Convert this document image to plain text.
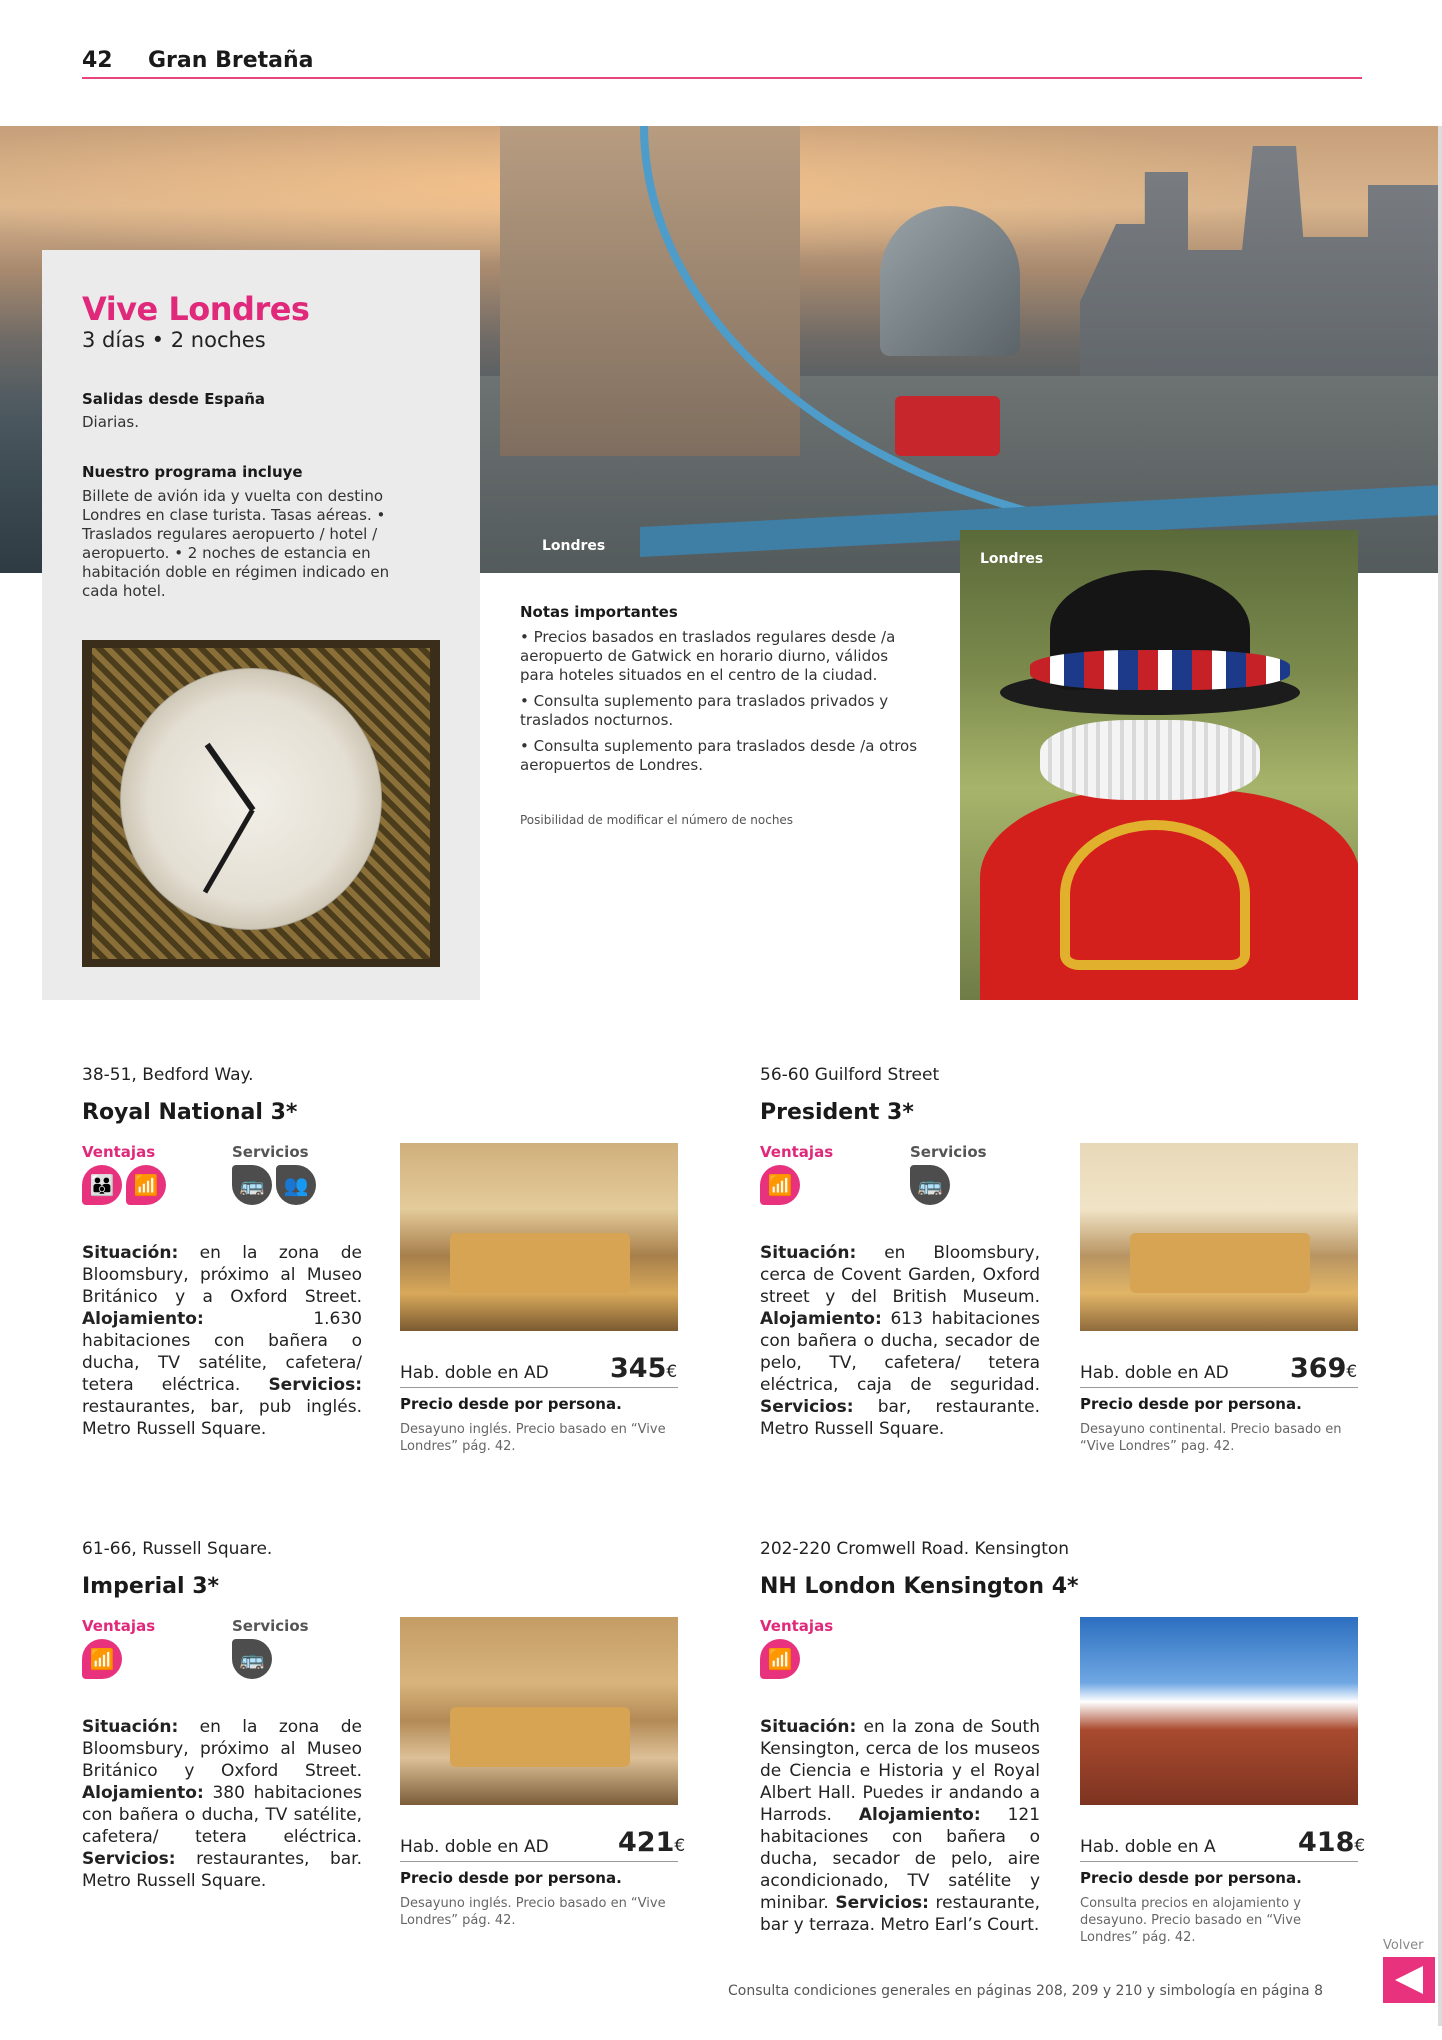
42 Gran Bretaña
Londres
Vive Londres
3 días • 2 noches
Salidas desde España
Diarias.
Nuestro programa incluye
Billete de avión ida y vuelta con destino Londres en clase turista. Tasas aéreas. • Traslados regulares aeropuerto / hotel / aeropuerto. • 2 noches de estancia en habitación doble en régimen indicado en cada hotel.
Notas importantes
• Precios basados en traslados regulares desde /a aeropuerto de Gatwick en horario diurno, válidos para hoteles situados en el centro de la ciudad.
• Consulta suplemento para traslados privados y traslados nocturnos.
• Consulta suplemento para traslados desde /a otros aeropuertos de Londres.
Posibilidad de modificar el número de noches
Londres
38-51, Bedford Way.
Royal National 3*
Ventajas	Servicios
👪 📶	🚌 👥
Situación: en la zona de Bloomsbury, próximo al Museo Británico y a Oxford Street. Alojamiento:	1.630 habitaciones con bañera o ducha, TV satélite, cafetera/ tetera eléctrica. Servicios: restaurantes, bar, pub inglés. Metro Russell Square.
Hab. doble en AD 345€
Precio desde por persona.
Desayuno inglés. Precio basado en “Vive Londres” pág. 42.
56-60 Guilford Street
President 3*
Ventajas	Servicios
📶	🚌
Situación: en Bloomsbury, cerca de Covent Garden, Oxford street y del British Museum. Alojamiento: 613 habitaciones con bañera o ducha, secador de pelo, TV, cafetera/ tetera eléctrica, caja de seguridad. Servicios: bar, restaurante. Metro Russell Square.
Hab. doble en AD 369€
Precio desde por persona.
Desayuno continental. Precio basado en “Vive Londres” pag. 42.
61-66, Russell Square.
Imperial 3*
Ventajas	Servicios
📶	🚌
Situación: en la zona de Bloomsbury, próximo al Museo Británico y Oxford Street. Alojamiento: 380 habitaciones con bañera o ducha, TV satélite, cafetera/ tetera eléctrica. Servicios: restaurantes, bar. Metro Russell Square.
Hab. doble en AD	421€
Precio desde por persona.
Desayuno inglés. Precio basado en “Vive Londres” pág. 42.
202-220 Cromwell Road. Kensington
NH London Kensington 4*
Ventajas
📶
Situación: en la zona de South Kensington, cerca de los museos de Ciencia e Historia y el Royal Albert Hall. Puedes ir andando a Harrods. Alojamiento: 121 habitaciones con bañera o ducha, secador de pelo, aire acondicionado, TV satélite y minibar. Servicios: restaurante, bar y terraza. Metro Earl’s Court.
Hab. doble en A	418€
Precio desde por persona.
Consulta precios en alojamiento y desayuno. Precio basado en “Vive Londres” pág. 42.
Volver
Consulta condiciones generales en páginas 208, 209 y 210 y simbología en página 8
